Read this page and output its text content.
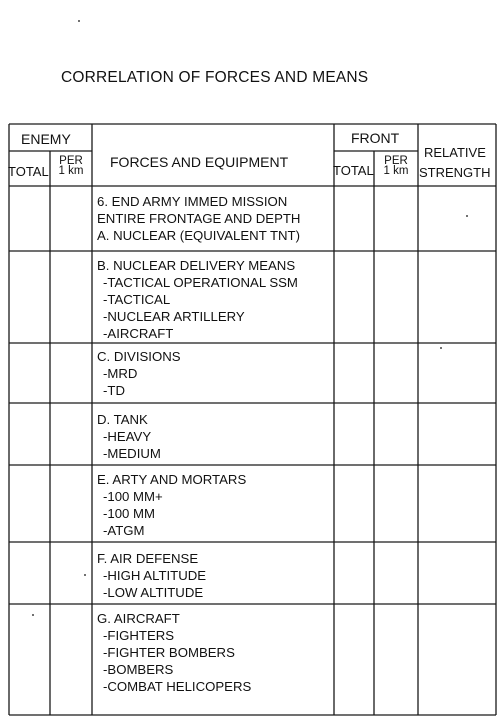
CORRELATION OF FORCES AND MEANS
ENEMY
TOTAL
PER
1 km
FORCES AND EQUIPMENT
FRONT
TOTAL
PER
1 km
RELATIVE
STRENGTH
6. END ARMY IMMED MISSION
ENTIRE FRONTAGE AND DEPTH
A. NUCLEAR (EQUIVALENT TNT)
B. NUCLEAR DELIVERY MEANS
-TACTICAL OPERATIONAL SSM
-TACTICAL
-NUCLEAR ARTILLERY
-AIRCRAFT
C. DIVISIONS
-MRD
-TD
D. TANK
-HEAVY
-MEDIUM
E. ARTY AND MORTARS
-100 MM+
-100 MM
-ATGM
F. AIR DEFENSE
-HIGH ALTITUDE
-LOW ALTITUDE
G. AIRCRAFT
-FIGHTERS
-FIGHTER BOMBERS
-BOMBERS
-COMBAT HELICOPERS
